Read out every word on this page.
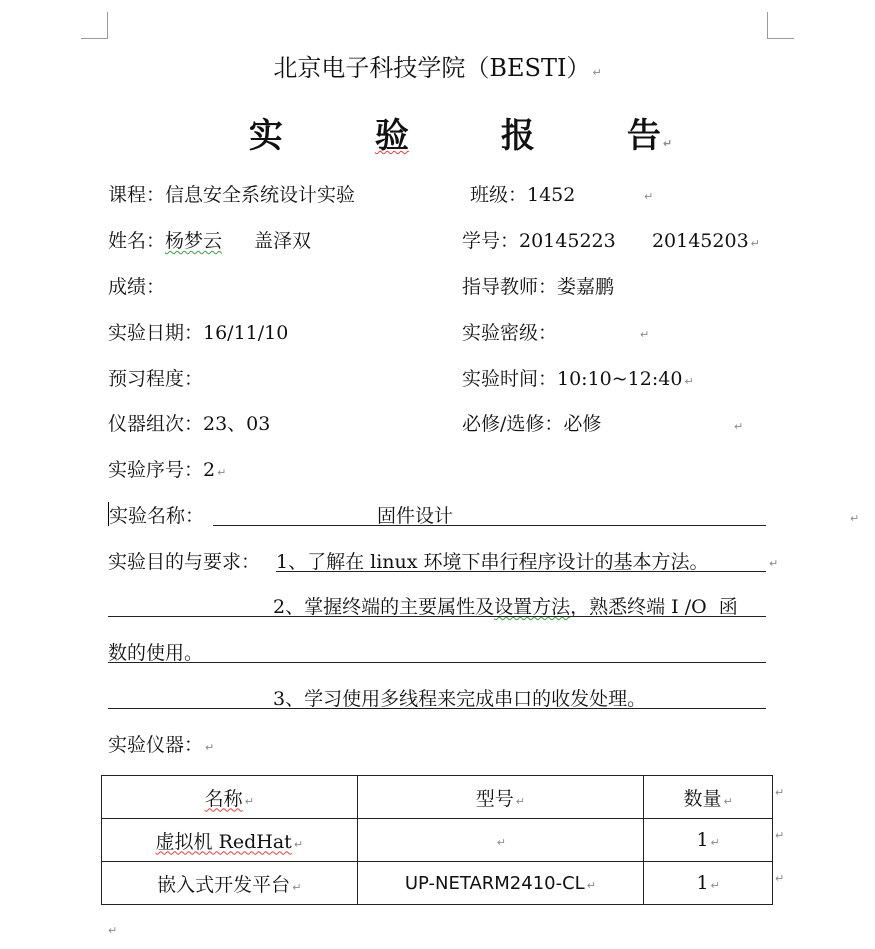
北京电子科技学院（BESTI） ↵
实	验	报	告 ↵
课程：信息安全系统设计实验	班级：1452	↵
姓名：杨梦云 盖泽双	学号：20145223      20145203 ↵
成绩：	指导教师：娄嘉鹏
实验日期：16/11/10	实验密级：	↵
预习程度：	实验时间：10:10~12:40 ↵
仪器组次：23、03	必修/选修：必修	↵
实验序号：2 ↵
实验名称：	固件设计	↵
实验目的与要求： 1、了解在 linux 环境下串行程序设计的基本方法。	↵
2、掌握终端的主要属性及设置方法，熟悉终端 I /O  函
数的使用。
3、学习使用多线程来完成串口的收发处理。
实验仪器： ↵
名称 ↵	型号 ↵	数量 ↵
虚拟机 RedHat ↵	↵	1 ↵
嵌入式开发平台 ↵	UP-NETARM2410-CL ↵	1 ↵
↵
↵
↵
↵
